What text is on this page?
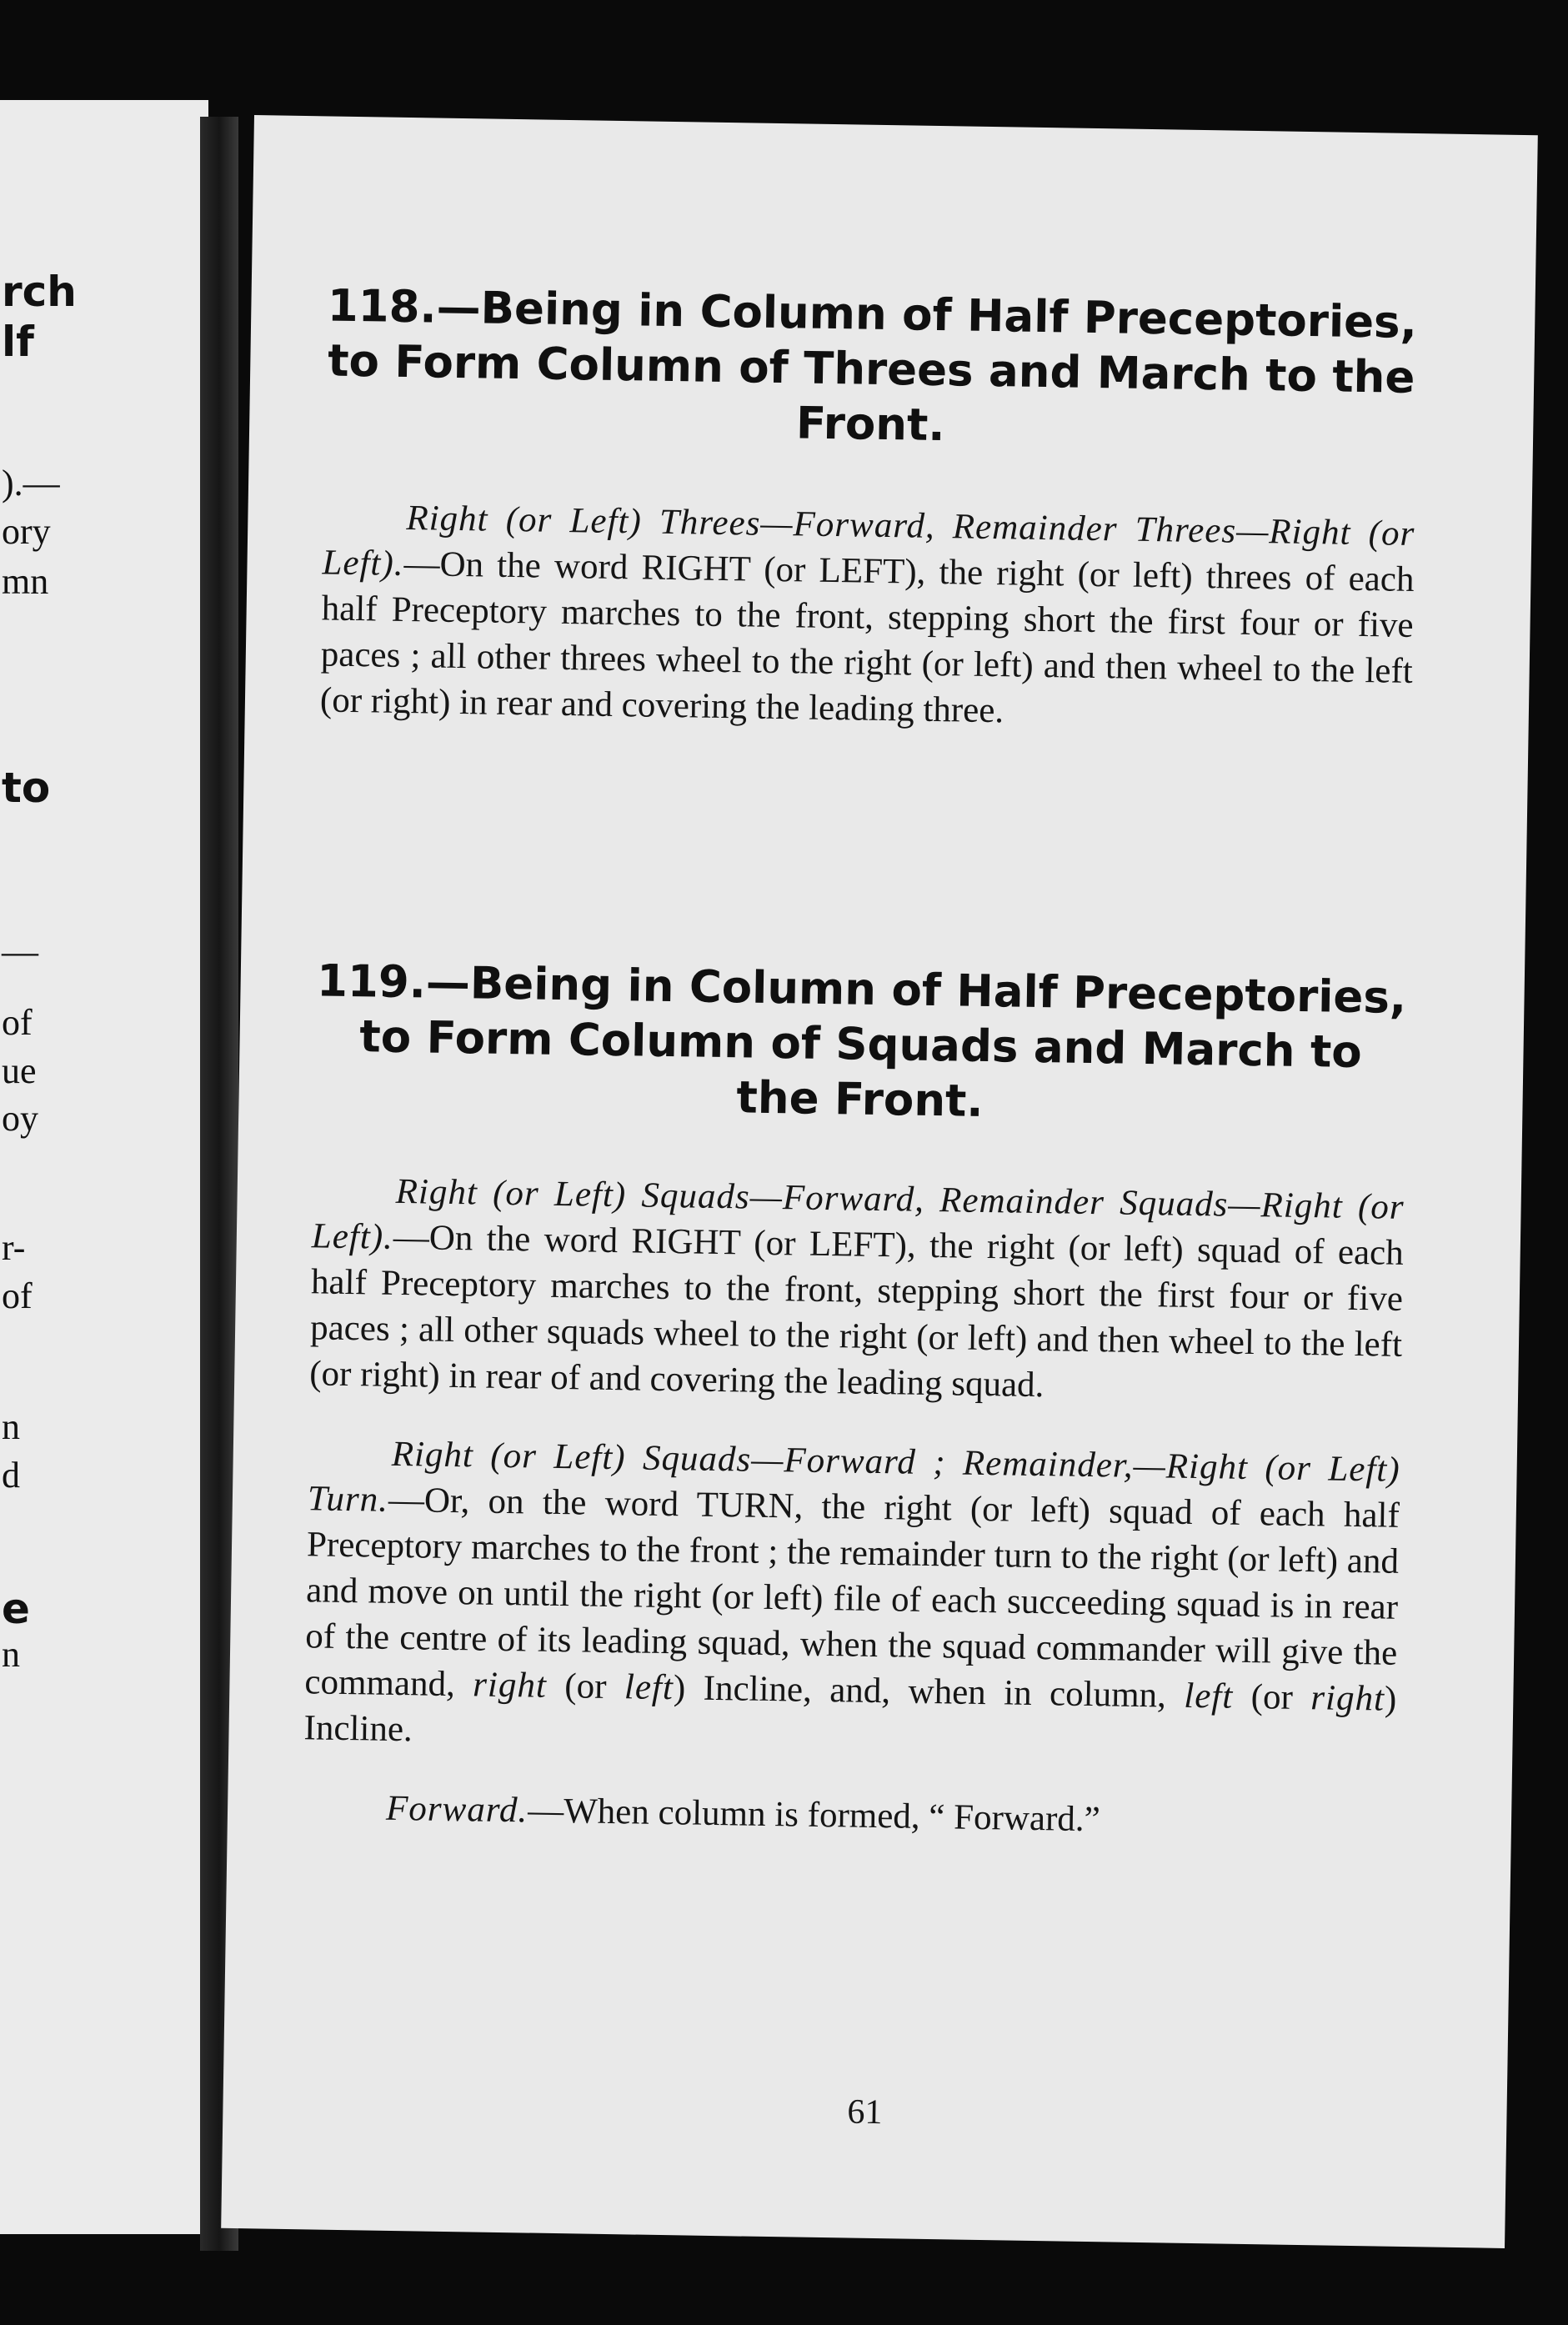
rch
lf
).—
ory
mn
to
—
of
ue
oy
r-
of
n
d
e
n
118.—Being in Column of Half Preceptories, to Form Column of Threes and March to the Front.

Right (or Left) Threes—Forward, Remainder Threes—Right (or Left).—On the word RIGHT (or LEFT), the right (or left) threes of each half Preceptory marches to the front, stepping short the first four or five paces ; all other threes wheel to the right (or left) and then wheel to the left (or right) in rear and covering the leading three.

119.—Being in Column of Half Preceptories, to Form Column of Squads and March to the Front.

Right (or Left) Squads—Forward, Remainder Squads—Right (or Left).—On the word RIGHT (or LEFT), the right (or left) squad of each half Preceptory marches to the front, stepping short the first four or five paces ; all other squads wheel to the right (or left) and then wheel to the left (or right) in rear of and covering the leading squad.

Right (or Left) Squads—Forward ; Remainder,—Right (or Left) Turn.—Or, on the word TURN, the right (or left) squad of each half Preceptory marches to the front ; the remainder turn to the right (or left) and and move on until the right (or left) file of each succeeding squad is in rear of the centre of its leading squad, when the squad commander will give the command, right (or left) Incline, and, when in column, left (or right) Incline.

Forward.—When column is formed, “ Forward.”

61
